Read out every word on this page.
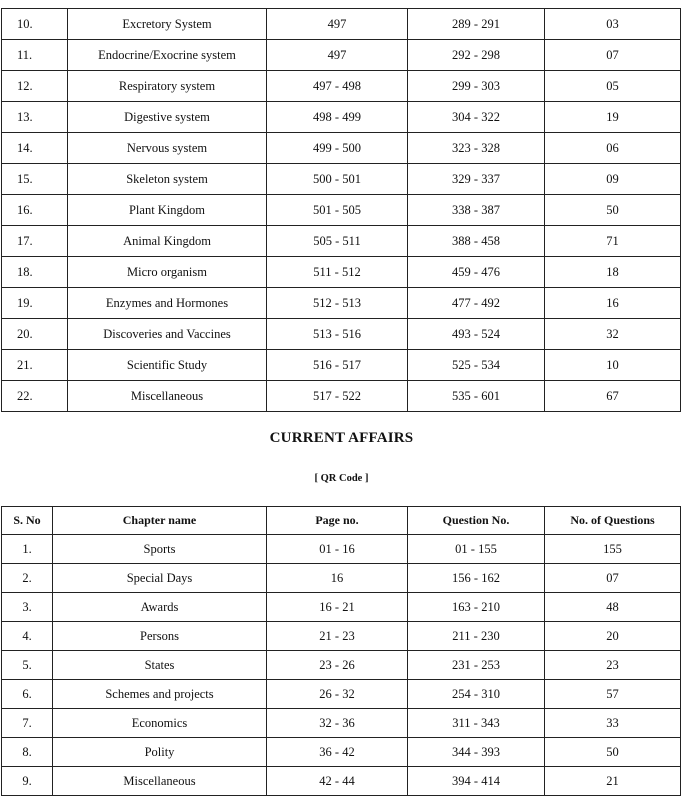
10.	Excretory System	497	289 - 291	03
11.	Endocrine/Exocrine system	497	292 - 298	07
12.	Respiratory system	497 - 498	299 - 303	05
13.	Digestive system	498 - 499	304 - 322	19
14.	Nervous system	499 - 500	323 - 328	06
15.	Skeleton system	500 - 501	329 - 337	09
16.	Plant Kingdom	501 - 505	338 - 387	50
17.	Animal Kingdom	505 - 511	388 - 458	71
18.	Micro organism	511 - 512	459 - 476	18
19.	Enzymes and Hormones	512 - 513	477 - 492	16
20.	Discoveries and Vaccines	513 - 516	493 - 524	32
21.	Scientific Study	516 - 517	525 - 534	10
22.	Miscellaneous	517 - 522	535 - 601	67
CURRENT AFFAIRS
[ QR Code ]
S. No	Chapter name	Page no.	Question No.	No. of Questions
1.	Sports	01 - 16	01 - 155	155
2.	Special Days	16	156 - 162	07
3.	Awards	16 - 21	163 - 210	48
4.	Persons	21 - 23	211 - 230	20
5.	States	23 - 26	231 - 253	23
6.	Schemes and projects	26 - 32	254 - 310	57
7.	Economics	32 - 36	311 - 343	33
8.	Polity	36 - 42	344 - 393	50
9.	Miscellaneous	42 - 44	394 - 414	21
